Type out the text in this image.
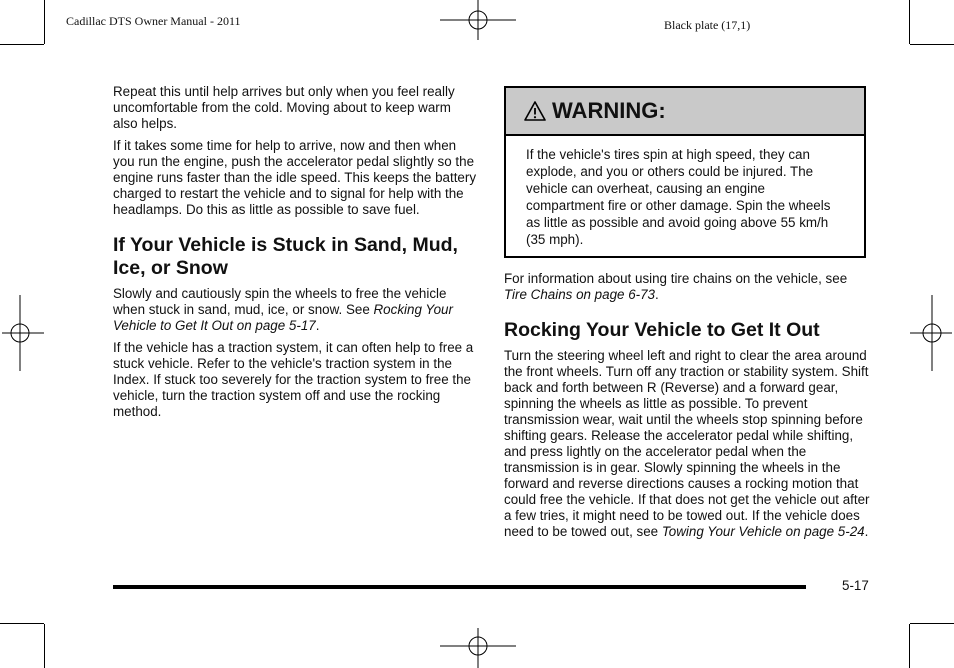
Cadillac DTS Owner Manual - 2011	Black plate (17,1)

Repeat this until help arrives but only when you feel really uncomfortable from the cold. Moving about to keep warm also helps.

If it takes some time for help to arrive, now and then when you run the engine, push the accelerator pedal slightly so the engine runs faster than the idle speed. This keeps the battery charged to restart the vehicle and to signal for help with the headlamps. Do this as little as possible to save fuel.

If Your Vehicle is Stuck in Sand, Mud, Ice, or Snow

Slowly and cautiously spin the wheels to free the vehicle when stuck in sand, mud, ice, or snow. See Rocking Your Vehicle to Get It Out on page 5-17.

If the vehicle has a traction system, it can often help to free a stuck vehicle. Refer to the vehicle's traction system in the Index. If stuck too severely for the traction system to free the vehicle, turn the traction system off and use the rocking method.

WARNING:
If the vehicle's tires spin at high speed, they can explode, and you or others could be injured. The vehicle can overheat, causing an engine compartment fire or other damage. Spin the wheels as little as possible and avoid going above 55 km/h (35 mph).

For information about using tire chains on the vehicle, see Tire Chains on page 6-73.

Rocking Your Vehicle to Get It Out

Turn the steering wheel left and right to clear the area around the front wheels. Turn off any traction or stability system. Shift back and forth between R (Reverse) and a forward gear, spinning the wheels as little as possible. To prevent transmission wear, wait until the wheels stop spinning before shifting gears. Release the accelerator pedal while shifting, and press lightly on the accelerator pedal when the transmission is in gear. Slowly spinning the wheels in the forward and reverse directions causes a rocking motion that could free the vehicle. If that does not get the vehicle out after a few tries, it might need to be towed out. If the vehicle does need to be towed out, see Towing Your Vehicle on page 5-24.

5-17
